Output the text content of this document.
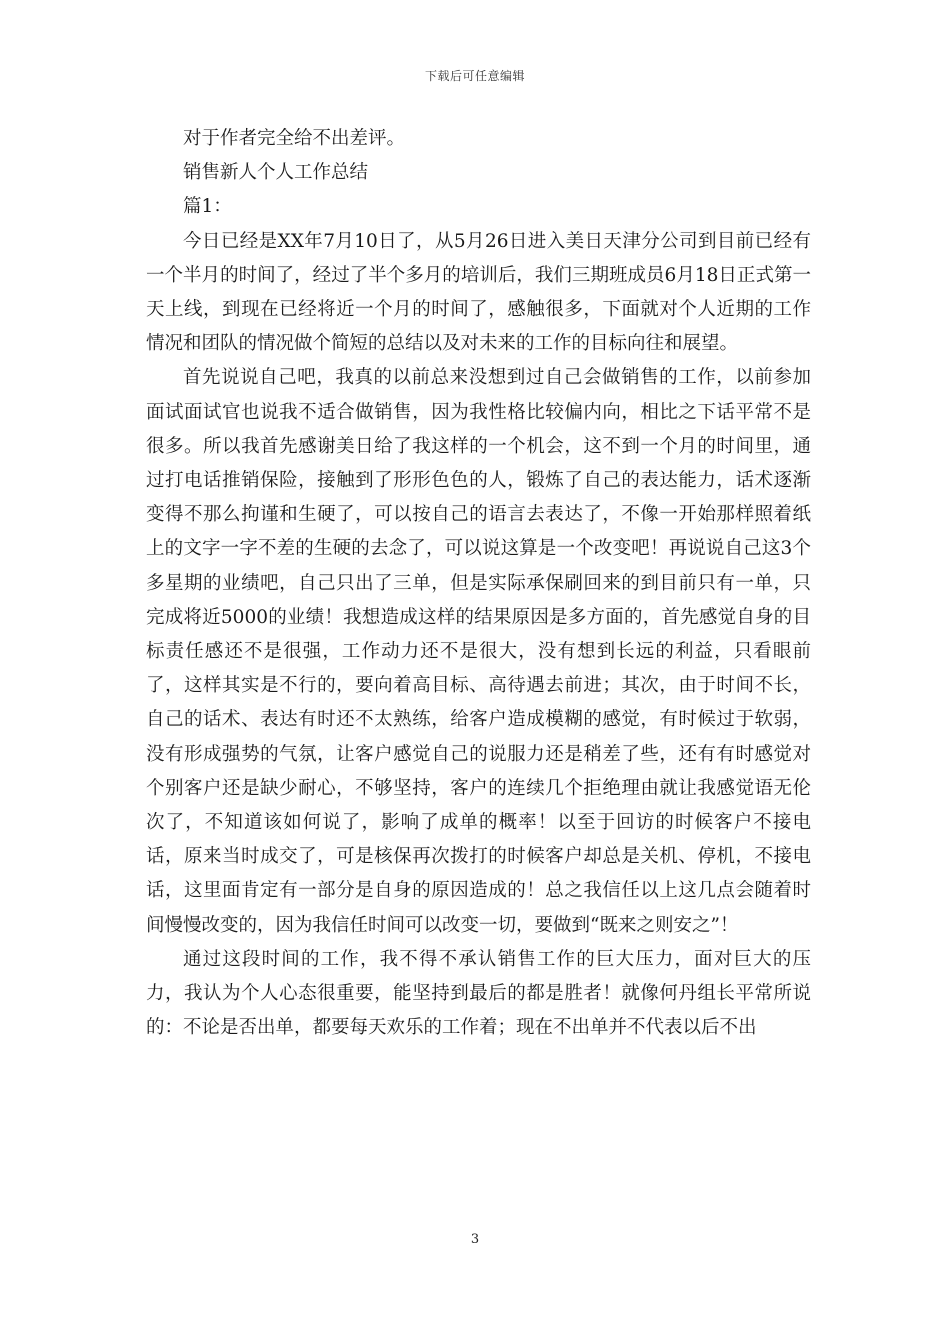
下载后可任意编辑

对于作者完全给不出差评。

销售新人个人工作总结

篇1：

今日已经是XX年7月10日了，从5月26日进入美日天津分公司到目前已经有一个半月的时间了，经过了半个多月的培训后，我们三期班成员6月18日正式第一天上线，到现在已经将近一个月的时间了，感触很多，下面就对个人近期的工作情况和团队的情况做个简短的总结以及对未来的工作的目标向往和展望。

首先说说自己吧，我真的以前总来没想到过自己会做销售的工作，以前参加面试面试官也说我不适合做销售，因为我性格比较偏内向，相比之下话平常不是很多。所以我首先感谢美日给了我这样的一个机会，这不到一个月的时间里，通过打电话推销保险，接触到了形形色色的人，锻炼了自己的表达能力，话术逐渐变得不那么拘谨和生硬了，可以按自己的语言去表达了，不像一开始那样照着纸上的文字一字不差的生硬的去念了，可以说这算是一个改变吧！再说说自己这3个多星期的业绩吧，自己只出了三单，但是实际承保刷回来的到目前只有一单，只完成将近5000的业绩！我想造成这样的结果原因是多方面的，首先感觉自身的目标责任感还不是很强，工作动力还不是很大，没有想到长远的利益，只看眼前了，这样其实是不行的，要向着高目标、高待遇去前进；其次，由于时间不长，自己的话术、表达有时还不太熟练，给客户造成模糊的感觉，有时候过于软弱，没有形成强势的气氛，让客户感觉自己的说服力还是稍差了些，还有有时感觉对个别客户还是缺少耐心，不够坚持，客户的连续几个拒绝理由就让我感觉语无伦次了，不知道该如何说了，影响了成单的概率！以至于回访的时候客户不接电话，原来当时成交了，可是核保再次拨打的时候客户却总是关机、停机，不接电话，这里面肯定有一部分是自身的原因造成的！总之我信任以上这几点会随着时间慢慢改变的，因为我信任时间可以改变一切，要做到“既来之则安之”！

通过这段时间的工作，我不得不承认销售工作的巨大压力，面对巨大的压力，我认为个人心态很重要，能坚持到最后的都是胜者！就像何丹组长平常所说的：不论是否出单，都要每天欢乐的工作着；现在不出单并不代表以后不出

3
